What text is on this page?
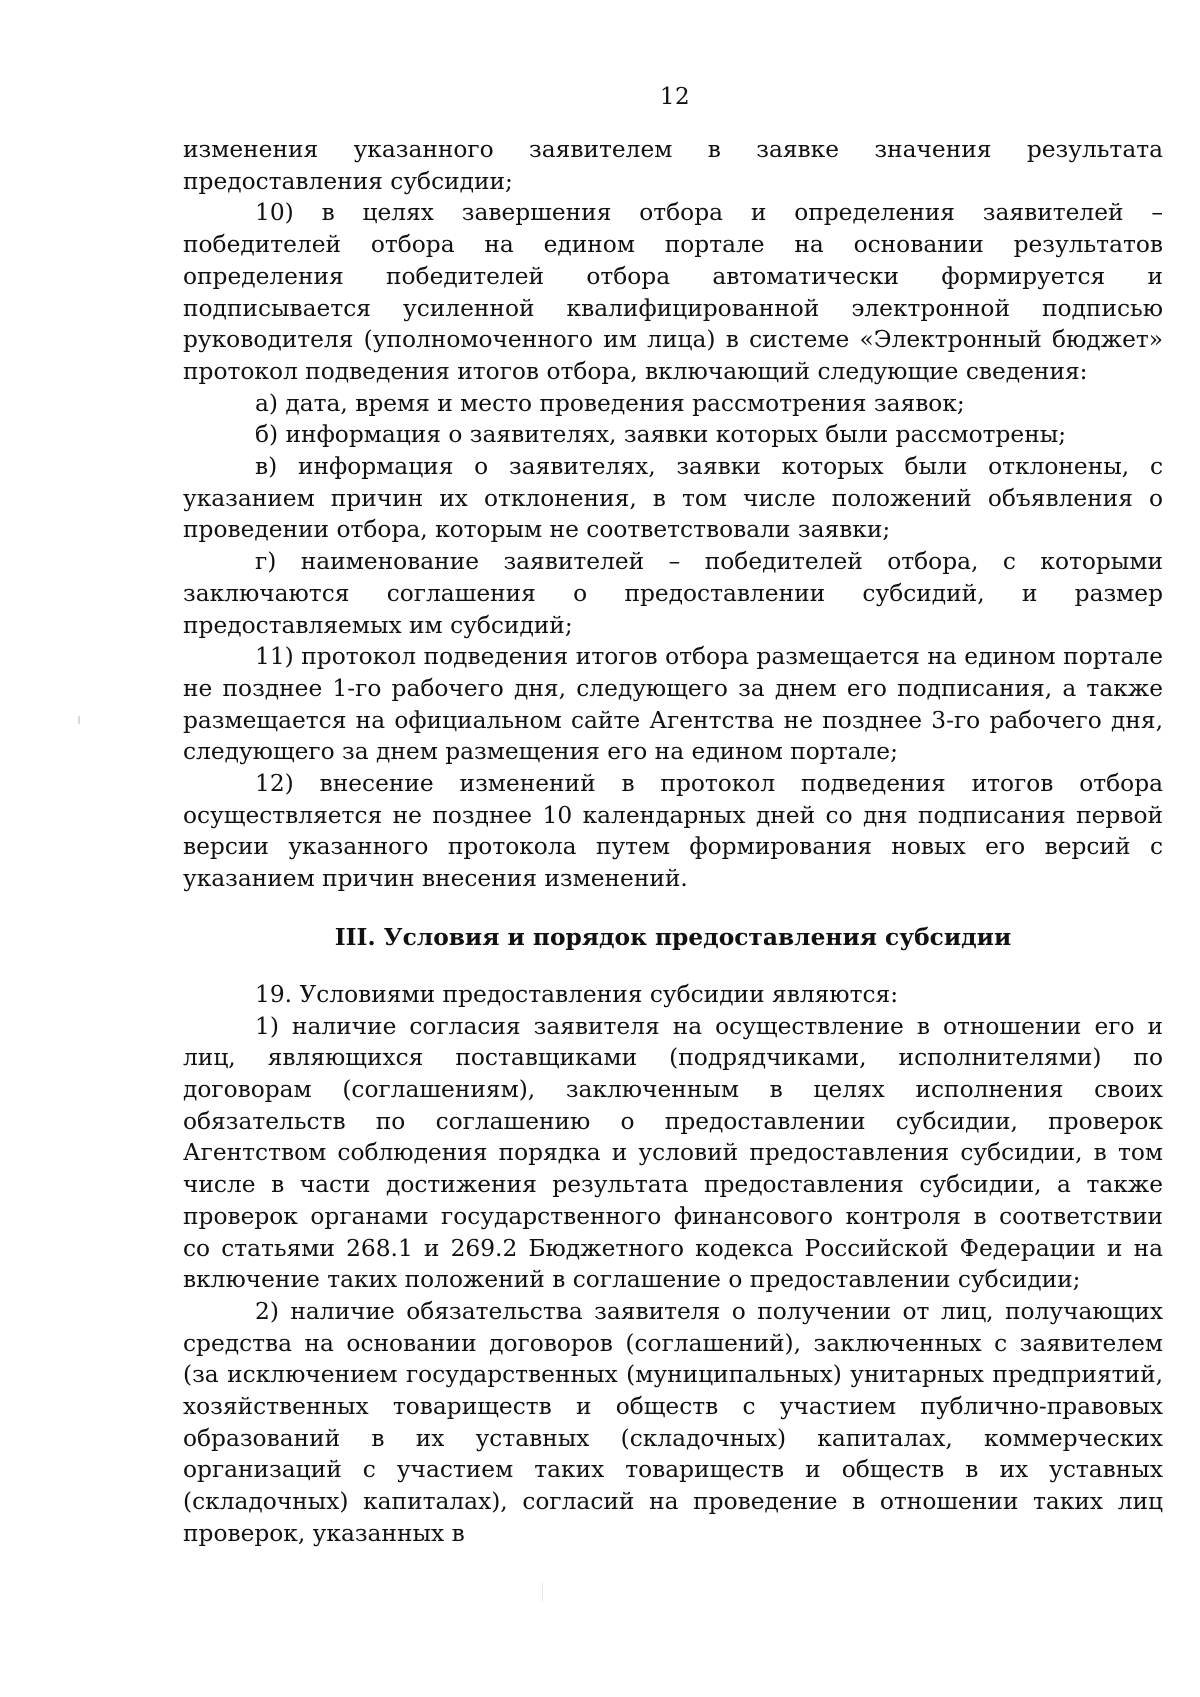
12

изменения указанного заявителем в заявке значения результата предоставления субсидии;

10) в целях завершения отбора и определения заявителей – победителей отбора на едином портале на основании результатов определения победителей отбора автоматически формируется и подписывается усиленной квалифицированной электронной подписью руководителя (уполномоченного им лица) в системе «Электронный бюджет» протокол подведения итогов отбора, включающий следующие сведения:

а) дата, время и место проведения рассмотрения заявок;

б) информация о заявителях, заявки которых были рассмотрены;

в) информация о заявителях, заявки которых были отклонены, с указанием причин их отклонения, в том числе положений объявления о проведении отбора, которым не соответствовали заявки;

г) наименование заявителей – победителей отбора, с которыми заключаются соглашения о предоставлении субсидий, и размер предоставляемых им субсидий;

11) протокол подведения итогов отбора размещается на едином портале не позднее 1-го рабочего дня, следующего за днем его подписания, а также размещается на официальном сайте Агентства не позднее 3-го рабочего дня, следующего за днем размещения его на едином портале;

12) внесение изменений в протокол подведения итогов отбора осуществляется не позднее 10 календарных дней со дня подписания первой версии указанного протокола путем формирования новых его версий с указанием причин внесения изменений.

III. Условия и порядок предоставления субсидии

19. Условиями предоставления субсидии являются:

1) наличие согласия заявителя на осуществление в отношении его и лиц, являющихся поставщиками (подрядчиками, исполнителями) по договорам (соглашениям), заключенным в целях исполнения своих обязательств по соглашению о предоставлении субсидии, проверок Агентством соблюдения порядка и условий предоставления субсидии, в том числе в части достижения результата предоставления субсидии, а также проверок органами государственного финансового контроля в соответствии со статьями 268.1 и 269.2 Бюджетного кодекса Российской Федерации и на включение таких положений в соглашение о предоставлении субсидии;

2) наличие обязательства заявителя о получении от лиц, получающих средства на основании договоров (соглашений), заключенных с заявителем (за исключением государственных (муниципальных) унитарных предприятий, хозяйственных товариществ и обществ с участием публично-правовых образований в их уставных (складочных) капиталах, коммерческих организаций с участием таких товариществ и обществ в их уставных (складочных) капиталах), согласий на проведение в отношении таких лиц проверок, указанных в
